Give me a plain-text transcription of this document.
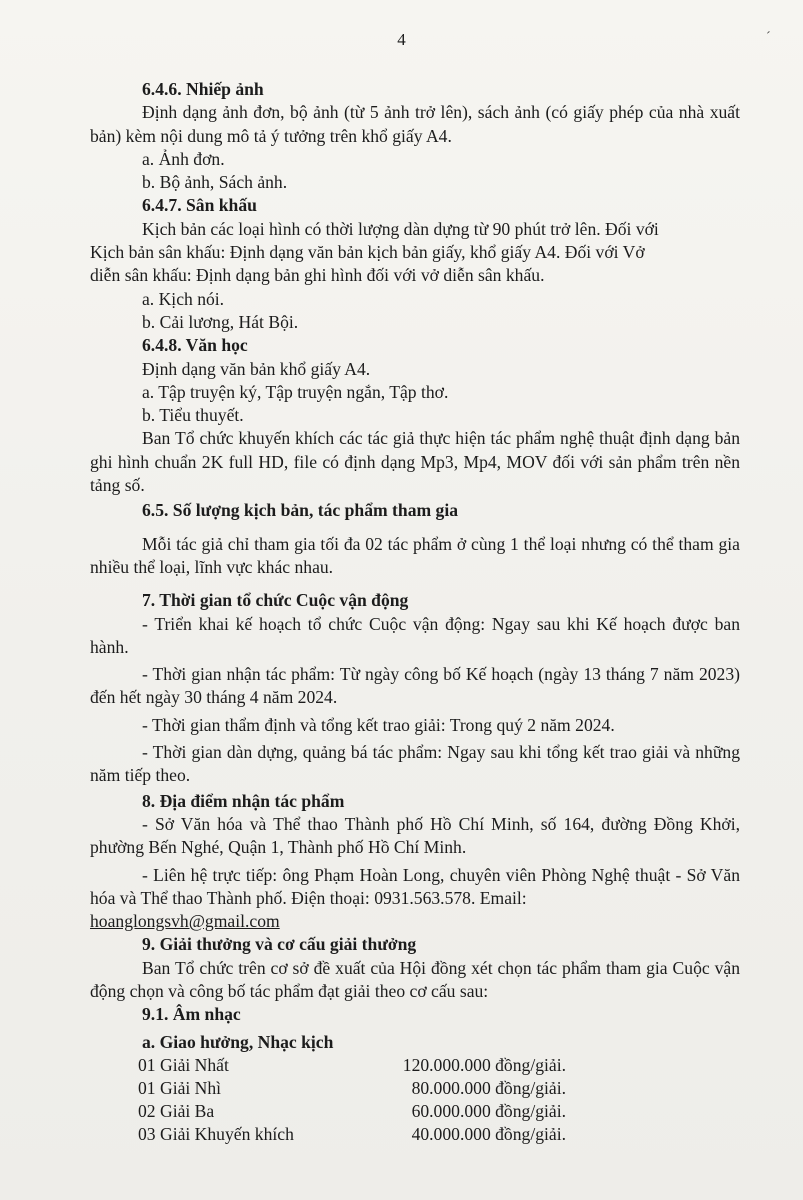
4	ˊ

6.4.6. Nhiếp ảnh

Định dạng ảnh đơn, bộ ảnh (từ 5 ảnh trở lên), sách ảnh (có giấy phép của nhà xuất bản) kèm nội dung mô tả ý tưởng trên khổ giấy A4.

a. Ảnh đơn.

b. Bộ ảnh, Sách ảnh.

6.4.7. Sân khấu

Kịch bản các loại hình có thời lượng dàn dựng từ 90 phút trở lên. Đối với
Kịch bản sân khấu: Định dạng văn bản kịch bản giấy, khổ giấy A4. Đối với Vở
diễn sân khấu: Định dạng bản ghi hình đối với vở diễn sân khấu.

a. Kịch nói.

b. Cải lương, Hát Bội.

6.4.8. Văn học

Định dạng văn bản khổ giấy A4.

a. Tập truyện ký, Tập truyện ngắn, Tập thơ.

b. Tiểu thuyết.

Ban Tổ chức khuyến khích các tác giả thực hiện tác phẩm nghệ thuật định dạng bản ghi hình chuẩn 2K full HD, file có định dạng Mp3, Mp4, MOV đối với sản phẩm trên nền tảng số.

6.5. Số lượng kịch bản, tác phẩm tham gia

Mỗi tác giả chỉ tham gia tối đa 02 tác phẩm ở cùng 1 thể loại nhưng có thể tham gia nhiều thể loại, lĩnh vực khác nhau.

7. Thời gian tổ chức Cuộc vận động

- Triển khai kế hoạch tổ chức Cuộc vận động: Ngay sau khi Kế hoạch được ban hành.

- Thời gian nhận tác phẩm: Từ ngày công bố Kế hoạch (ngày 13 tháng 7 năm 2023) đến hết ngày 30 tháng 4 năm 2024.

- Thời gian thẩm định và tổng kết trao giải: Trong quý 2 năm 2024.

- Thời gian dàn dựng, quảng bá tác phẩm: Ngay sau khi tổng kết trao giải và những năm tiếp theo.

8. Địa điểm nhận tác phẩm

- Sở Văn hóa và Thể thao Thành phố Hồ Chí Minh, số 164, đường Đồng Khởi, phường Bến Nghé, Quận 1, Thành phố Hồ Chí Minh.

- Liên hệ trực tiếp: ông Phạm Hoàn Long, chuyên viên Phòng Nghệ thuật - Sở Văn hóa và Thể thao Thành phố. Điện thoại: 0931.563.578. Email:

hoanglongsvh@gmail.com

9. Giải thưởng và cơ cấu giải thưởng

Ban Tổ chức trên cơ sở đề xuất của Hội đồng xét chọn tác phẩm tham gia Cuộc vận động chọn và công bố tác phẩm đạt giải theo cơ cấu sau:

9.1. Âm nhạc

a. Giao hưởng, Nhạc kịch

01 Giải Nhất	120.000.000 đồng/giải.
01 Giải Nhì	80.000.000 đồng/giải.
02 Giải Ba	60.000.000 đồng/giải.
03 Giải Khuyến khích	40.000.000 đồng/giải.
